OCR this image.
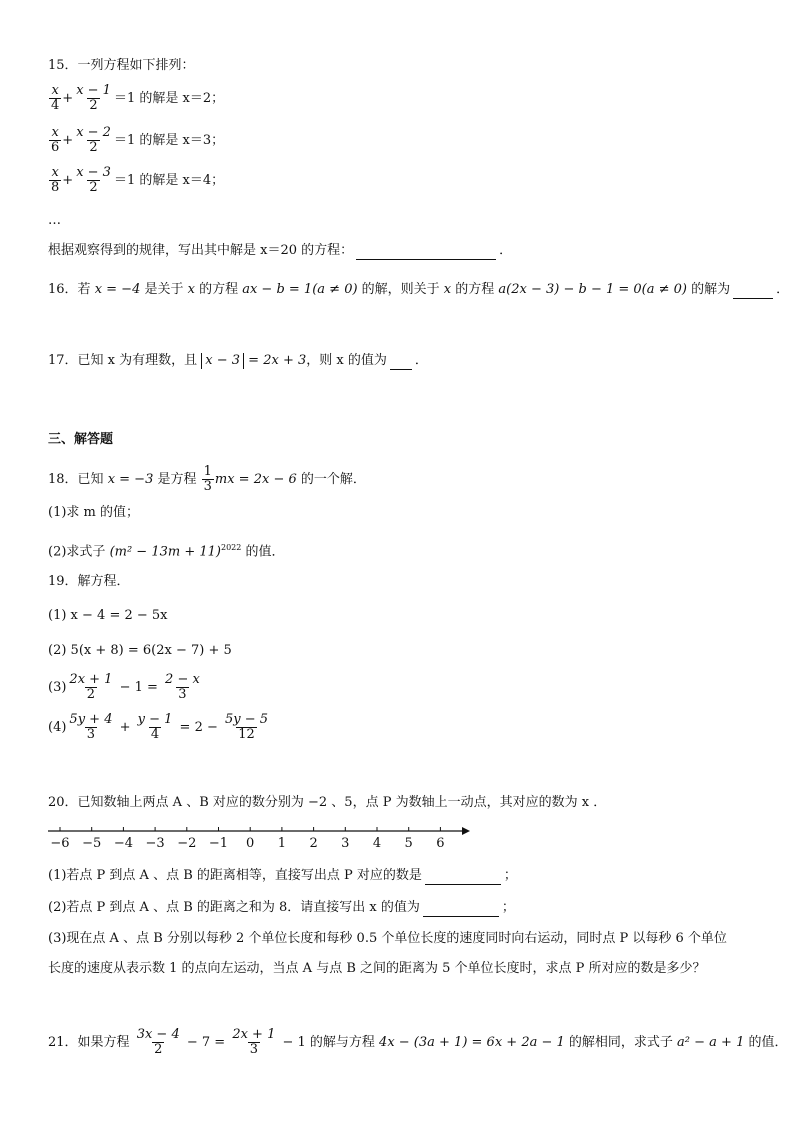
15．一列方程如下排列：
$\frac{x}{4} + \frac{x - 1}{2} =1$ 的解是 x＝2；
$\frac{x}{6} + \frac{x - 2}{2} =1$ 的解是 x＝3；
$\frac{x}{8} + \frac{x - 3}{2} =1$ 的解是 x＝4；
…
根据观察得到的规律，写出其中解是 x＝20 的方程：	．
16．若 x = −4 是关于 x 的方程 ax − b = 1(a ≠ 0) 的解，则关于 x 的方程 a(2x − 3) − b − 1 = 0(a ≠ 0) 的解为	．
17．已知 x 为有理数，且 x − 3 = 2x + 3，则 x 的值为 ．
三、解答题
18．已知 x = −3 是方程 $\frac{1}{3}$ mx = 2x − 6 的一个解．
(1)求 m 的值；
(2)求式子 $(m^2 - 13m + 11)^{2022}$ 的值．
19．解方程．
(1) x − 4 = 2 − 5x
(2) 5(x + 8) = 6(2x − 7) + 5
$(3) \frac{2x + 1}{2} - 1 = \frac{2 - x}{3}$
$(4) \frac{5y + 4}{3} + \frac{y - 1}{4} = 2 - \frac{5y - 5}{12}$
20．已知数轴上两点 A 、B 对应的数分别为 −2 、5，点 P 为数轴上一动点，其对应的数为 x ．
−6 −5 −4 −3 −2 −1 0 1 2 3 4 5 6
(1)若点 P 到点 A 、点 B 的距离相等，直接写出点 P 对应的数是	；
(2)若点 P 到点 A 、点 B 的距离之和为 8．请直接写出 x 的值为	；
(3)现在点 A 、点 B 分别以每秒 2 个单位长度和每秒 0.5 个单位长度的速度同时向右运动，同时点 P 以每秒 6 个单位
长度的速度从表示数 1 的点向左运动，当点 A 与点 B 之间的距离为 5 个单位长度时，求点 P 所对应的数是多少？
21．如果方程 $\frac{3x - 4}{2} - 7 = \frac{2x + 1}{3} - 1$ 的解与方程 4x − (3a + 1) = 6x + 2a − 1 的解相同，求式子 a² − a + 1 的值．
